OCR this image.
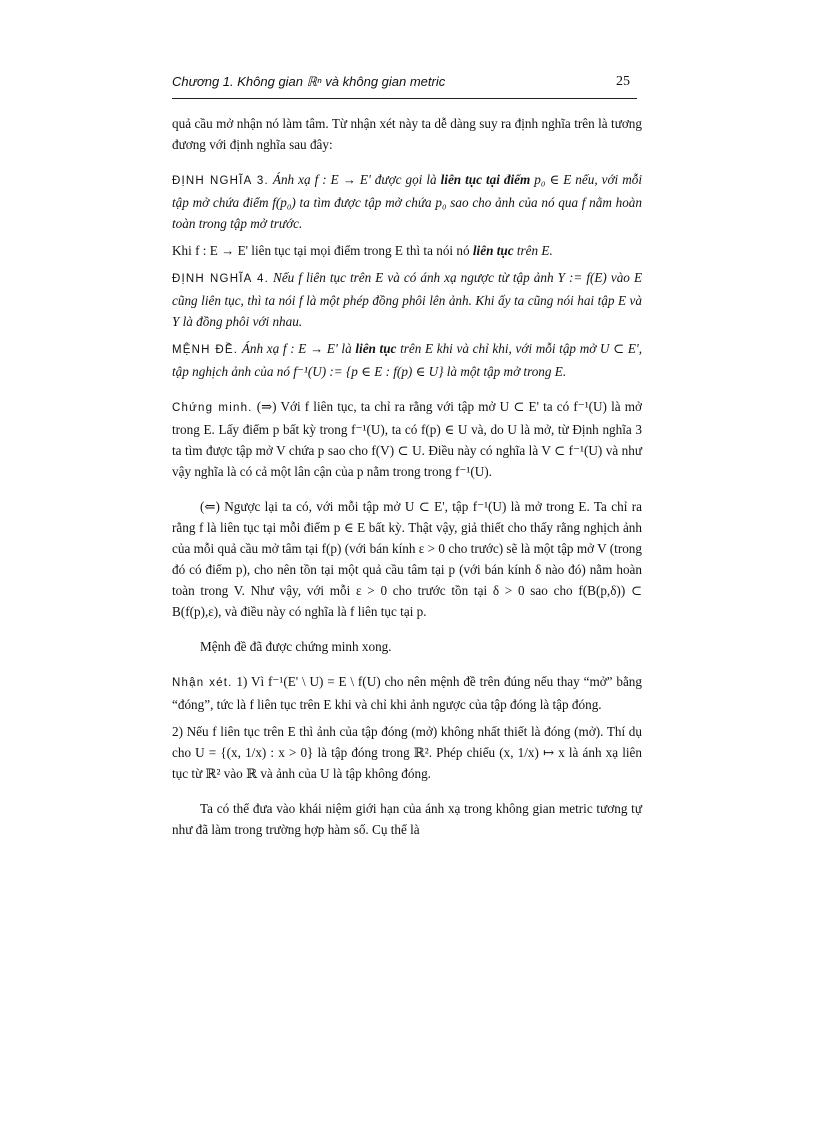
Chương 1. Không gian ℝⁿ và không gian metric	25

quả cầu mở nhận nó làm tâm. Từ nhận xét này ta dễ dàng suy ra định nghĩa trên là tương đương với định nghĩa sau đây:

ĐỊNH NGHĨA 3. Ánh xạ f : E → E' được gọi là liên tục tại điểm p₀ ∈ E nếu, với mỗi tập mở chứa điểm f(p₀) ta tìm được tập mở chứa p₀ sao cho ảnh của nó qua f nằm hoàn toàn trong tập mở trước.

Khi f : E → E' liên tục tại mọi điểm trong E thì ta nói nó liên tục trên E.

ĐỊNH NGHĨA 4. Nếu f liên tục trên E và có ánh xạ ngược từ tập ảnh Y := f(E) vào E cũng liên tục, thì ta nói f là một phép đồng phôi lên ảnh. Khi ấy ta cũng nói hai tập E và Y là đồng phôi với nhau.

MỆNH ĐỀ. Ánh xạ f : E → E' là liên tục trên E khi và chỉ khi, với mỗi tập mở U ⊂ E', tập nghịch ảnh của nó f⁻¹(U) := {p ∈ E : f(p) ∈ U} là một tập mở trong E.

Chứng minh. (⇒) Với f liên tục, ta chỉ ra rằng với tập mở U ⊂ E' ta có f⁻¹(U) là mở trong E. Lấy điểm p bất kỳ trong f⁻¹(U), ta có f(p) ∈ U và, do U là mở, từ Định nghĩa 3 ta tìm được tập mở V chứa p sao cho f(V) ⊂ U. Điều này có nghĩa là V ⊂ f⁻¹(U) và như vậy nghĩa là có cả một lân cận của p nằm trong trong f⁻¹(U).

(⇐) Ngược lại ta có, với mỗi tập mở U ⊂ E', tập f⁻¹(U) là mở trong E. Ta chỉ ra rằng f là liên tục tại mỗi điểm p ∈ E bất kỳ. Thật vậy, giả thiết cho thấy rằng nghịch ảnh của mỗi quả cầu mở tâm tại f(p) (với bán kính ε > 0 cho trước) sẽ là một tập mở V (trong đó có điểm p), cho nên tồn tại một quả cầu tâm tại p (với bán kính δ nào đó) nằm hoàn toàn trong V. Như vậy, với mỗi ε > 0 cho trước tồn tại δ > 0 sao cho f(B(p,δ)) ⊂ B(f(p),ε), và điều này có nghĩa là f liên tục tại p.

Mệnh đề đã được chứng minh xong.

Nhận xét. 1) Vì f⁻¹(E' \ U) = E \ f(U) cho nên mệnh đề trên đúng nếu thay “mở” bằng “đóng”, tức là f liên tục trên E khi và chỉ khi ảnh ngược của tập đóng là tập đóng.

2) Nếu f liên tục trên E thì ảnh của tập đóng (mở) không nhất thiết là đóng (mở). Thí dụ cho U = {(x, 1/x) : x > 0} là tập đóng trong ℝ². Phép chiếu (x, 1/x) ↦ x là ánh xạ liên tục từ ℝ² vào ℝ và ảnh của U là tập không đóng.

Ta có thể đưa vào khái niệm giới hạn của ánh xạ trong không gian metric tương tự như đã làm trong trường hợp hàm số. Cụ thể là
